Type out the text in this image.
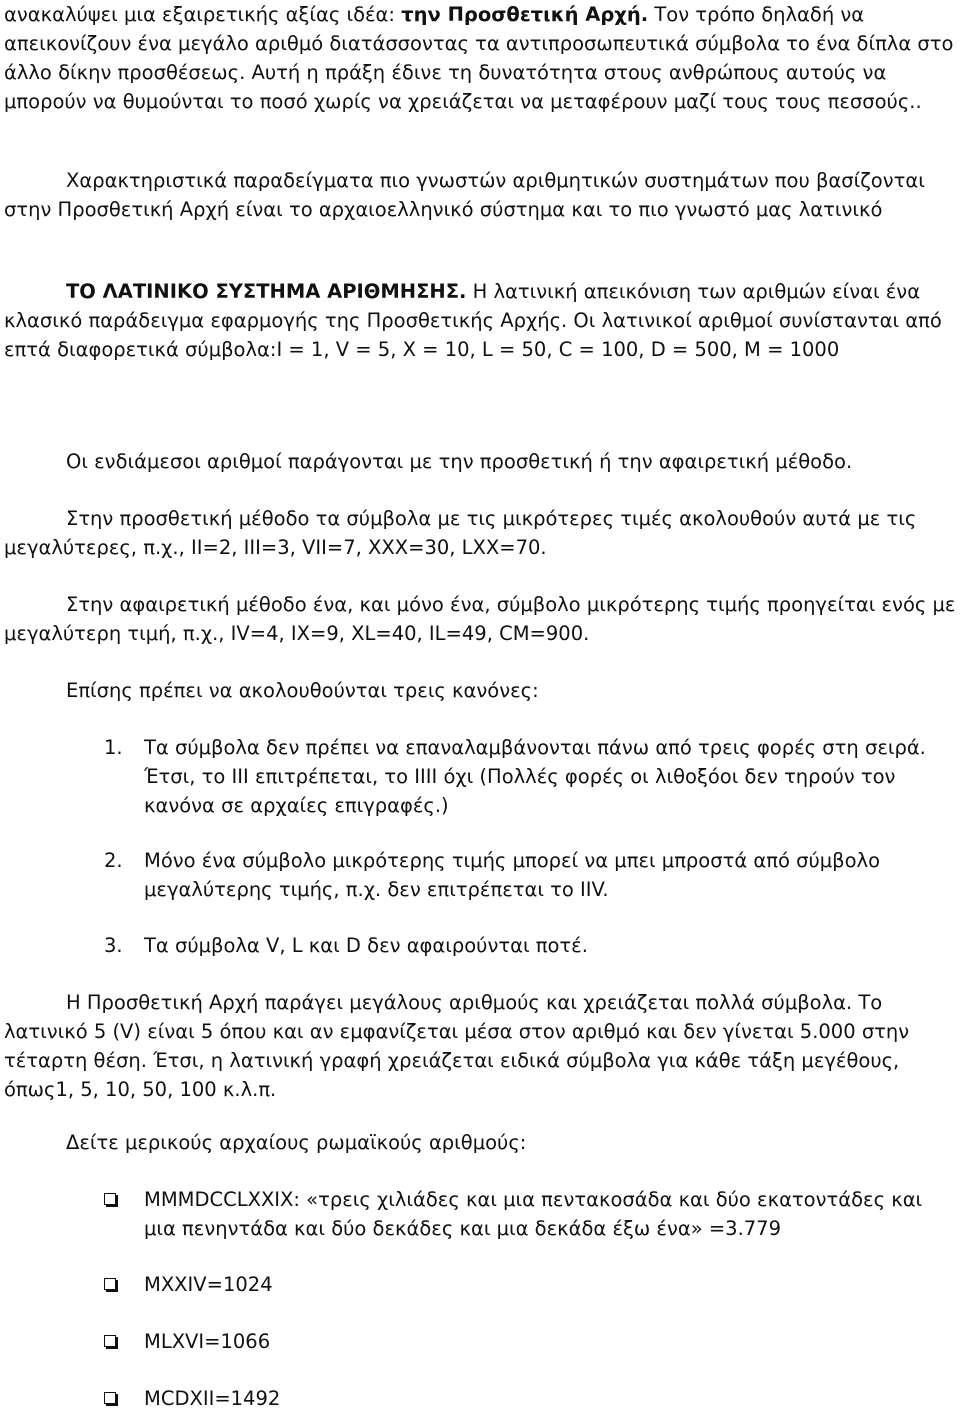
ανακαλύψει μια εξαιρετικής αξίας ιδέα: την Προσθετική Αρχή. Τον τρόπο δηλαδή να απεικονίζουν ένα μεγάλο αριθμό διατάσσοντας τα αντιπροσωπευτικά σύμβολα το ένα δίπλα στο άλλο δίκην προσθέσεως. Αυτή η πράξη έδινε τη δυνατότητα στους ανθρώπους αυτούς να μπορούν να θυμούνται το ποσό χωρίς να χρειάζεται να μεταφέρουν μαζί τους τους πεσσούς..

Χαρακτηριστικά παραδείγματα πιο γνωστών αριθμητικών συστημάτων που βασίζονται στην Προσθετική Αρχή είναι το αρχαιοελληνικό σύστημα και το πιο γνωστό μας λατινικό

ΤΟ ΛΑΤΙΝΙΚΟ ΣΥΣΤΗΜΑ ΑΡΙΘΜΗΣΗΣ. Η λατινική απεικόνιση των αριθμών είναι ένα κλασικό παράδειγμα εφαρμογής της Προσθετικής Αρχής. Οι λατινικοί αριθμοί συνίστανται από επτά διαφορετικά σύμβολα:I = 1, V = 5, X = 10, L = 50, C = 100, D = 500, M = 1000

Οι ενδιάμεσοι αριθμοί παράγονται με την προσθετική ή την αφαιρετική μέθοδο.

Στην προσθετική μέθοδο τα σύμβολα με τις μικρότερες τιμές ακολουθούν αυτά με τις μεγαλύτερες, π.χ., II=2, III=3, VII=7, XXX=30, LXX=70.

Στην αφαιρετική μέθοδο ένα, και μόνο ένα, σύμβολο μικρότερης τιμής προηγείται ενός με μεγαλύτερη τιμή, π.χ., IV=4, IX=9, XL=40, IL=49, CM=900.

Επίσης πρέπει να ακολουθούνται τρεις κανόνες:

1. Τα σύμβολα δεν πρέπει να επαναλαμβάνονται πάνω από τρεις φορές στη σειρά. Έτσι, το III επιτρέπεται, το IIII όχι (Πολλές φορές οι λιθοξόοι δεν τηρούν τον κανόνα σε αρχαίες επιγραφές.)
2. Μόνο ένα σύμβολο μικρότερης τιμής μπορεί να μπει μπροστά από σύμβολο μεγαλύτερης τιμής, π.χ. δεν επιτρέπεται το IIV.
3. Τα σύμβολα V, L και D δεν αφαιρούνται ποτέ.

Η Προσθετική Αρχή παράγει μεγάλους αριθμούς και χρειάζεται πολλά σύμβολα. Το λατινικό 5 (V) είναι 5 όπου και αν εμφανίζεται μέσα στον αριθμό και δεν γίνεται 5.000 στην τέταρτη θέση. Έτσι, η λατινική γραφή χρειάζεται ειδικά σύμβολα για κάθε τάξη μεγέθους, όπως1, 5, 10, 50, 100 κ.λ.π.

Δείτε μερικούς αρχαίους ρωμαϊκούς αριθμούς:

MMMDCCLXXIX: «τρεις χιλιάδες και μια πεντακοσάδα και δύο εκατοντάδες και μια πενηντάδα και δύο δεκάδες και μια δεκάδα έξω ένα» =3.779
MXXIV=1024
MLXVI=1066
MCDXII=1492
